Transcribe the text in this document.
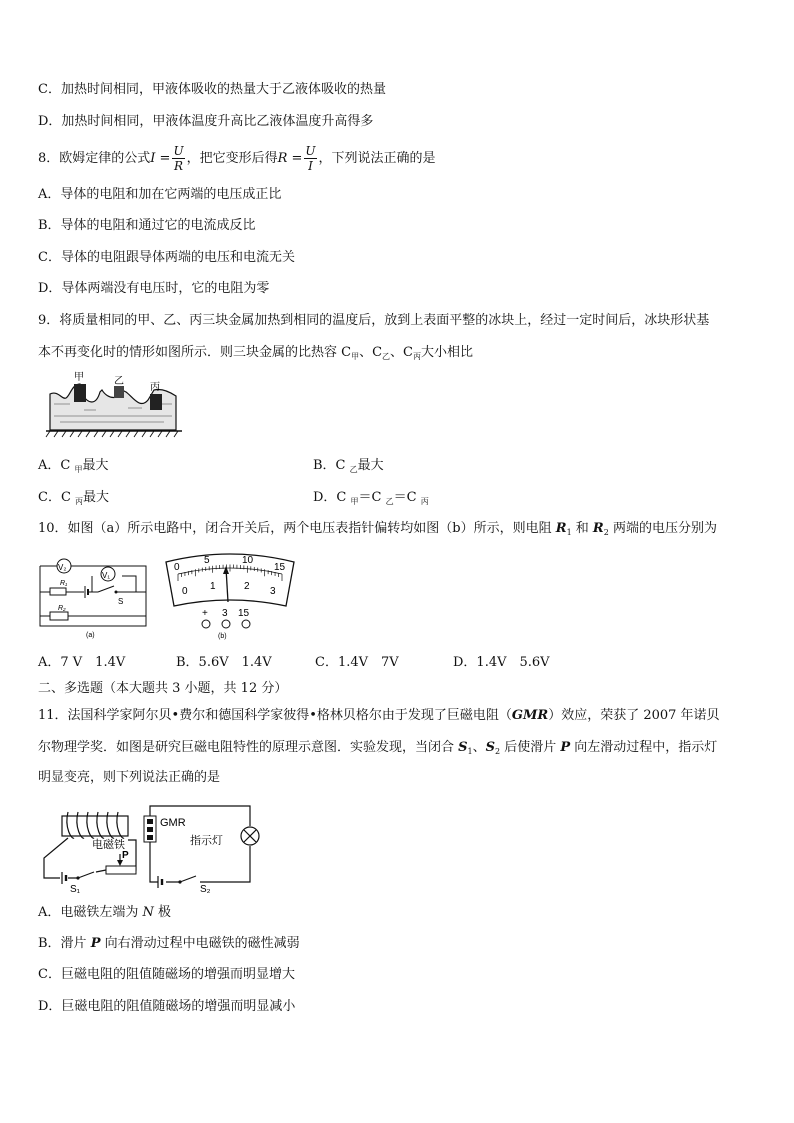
C．加热时间相同，甲液体吸收的热量大于乙液体吸收的热量
D．加热时间相同，甲液体温度升高比乙液体温度升高得多
8．欧姆定律的公式$I = \frac{U}{R}$ ，把它变形后得$R = \frac{U}{I}$ ，下列说法正确的是
A．导体的电阻和加在它两端的电压成正比
B．导体的电阻和通过它的电流成反比
C．导体的电阻跟导体两端的电压和电流无关
D．导体两端没有电压时，它的电阻为零
9．将质量相同的甲、乙、丙三块金属加热到相同的温度后，放到上表面平整的冰块上，经过一定时间后，冰块形状基
本不再变化时的情形如图所示．则三块金属的比热容 $C_甲$、$C_乙$、$C_丙$大小相比
甲	乙
丙
A．C $_甲$最大	B．C $_乙$最大
C．C $_丙$最大	D．C $_甲$＝C $_乙$＝C $_丙$
10．如图（a）所示电路中，闭合开关后，两个电压表指针偏转均如图（b）所示，则电阻 $R_1$ 和 $R_2$ 两端的电压分别为
V₂
V₁
R₁
S
R₂
(a)
0
5	10
15
0 1	2 3
+ 3 15
(b)
A．7 V　1.4V	B．5.6V　1.4V	C．1.4V　7V	D．1.4V　5.6V
二、多选题（本大题共 3 小题，共 12 分）
11．法国科学家阿尔贝•费尔和德国科学家彼得•格林贝格尔由于发现了巨磁电阻（GMR）效应，荣获了 2007 年诺贝
尔物理学奖．如图是研究巨磁电阻特性的原理示意图．实验发现，当闭合 $S_1$、$S_2$ 后使滑片 P 向左滑动过程中，指示灯
明显变亮，则下列说法正确的是
P
电磁铁
S₁
GMR
指示灯
S₂
A．电磁铁左端为 N 极
B．滑片 P 向右滑动过程中电磁铁的磁性减弱
C．巨磁电阻的阻值随磁场的增强而明显增大
D．巨磁电阻的阻值随磁场的增强而明显减小
